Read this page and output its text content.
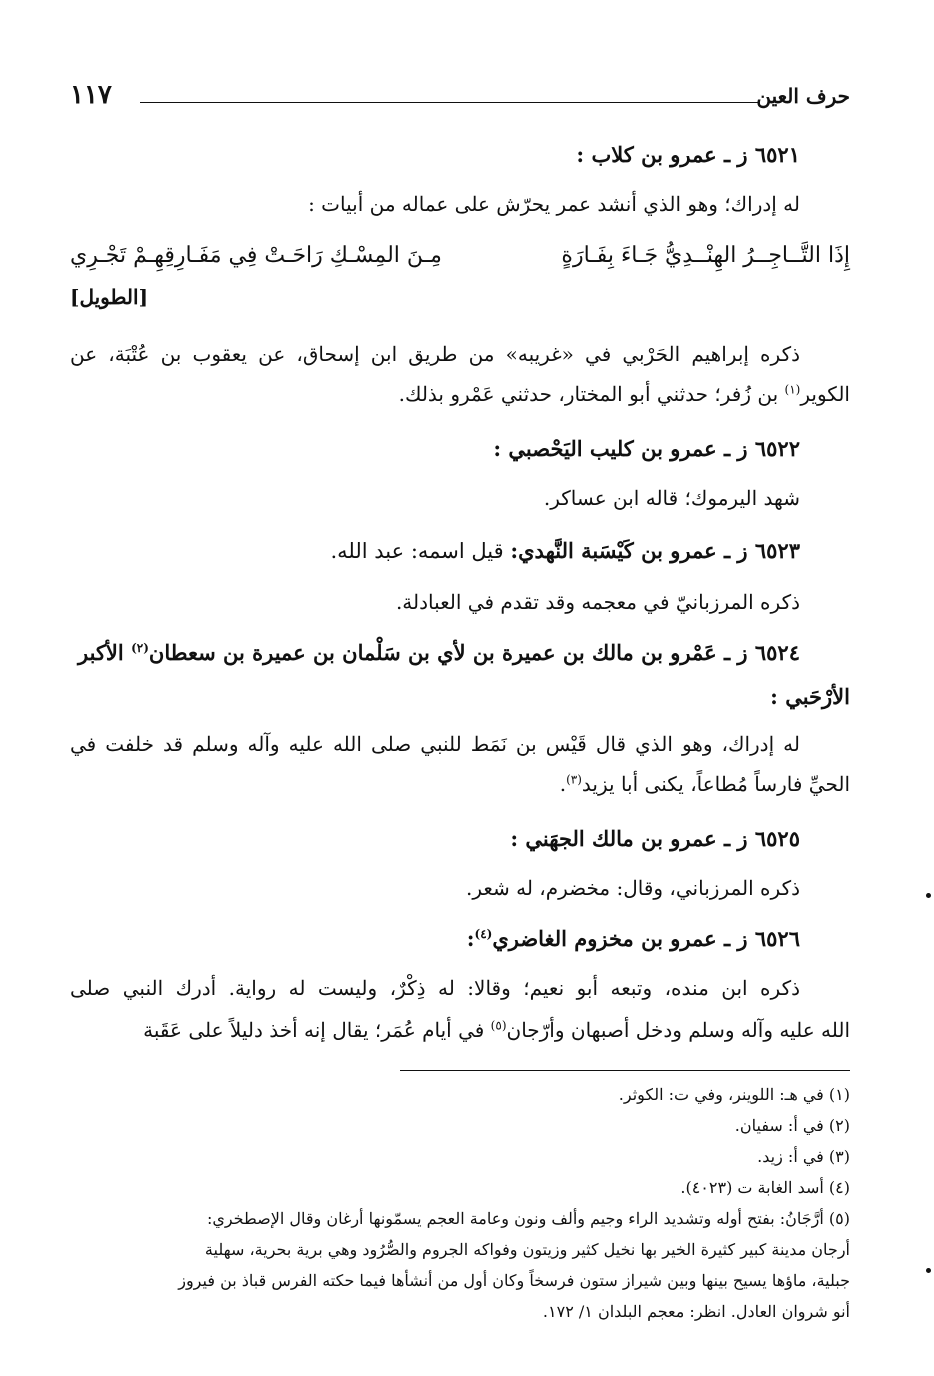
حرف العين
١١٧
٦٥٢١ ز ـ عمرو بن كلاب :
له إدراك؛ وهو الذي أنشد عمر يحرّش على عماله من أبيات :
إِذَا التَّــاجِــرُ الهِنْــدِيُّ جَـاءَ بِفَـارَةٍ
مِـنَ المِسْـكِ رَاحَـتْ فِي مَفَـارِقِهِـمْ تَجْـرِي
[الطويل]
ذكره إبراهيم الحَرْبي في «غريبه» من طريق ابن إسحاق، عن يعقوب بن عُتْبَة، عن
الكوير$^{(١)}$ بن زُفر؛ حدثني أبو المختار، حدثني عَمْرو بذلك.
٦٥٢٢ ز ـ عمرو بن كليب اليَحْصبي :
شهد اليرموك؛ قاله ابن عساكر.
٦٥٢٣ ز ـ عمرو بن كَيْسَبة النَّهدي: قيل اسمه: عبد الله.
ذكره المرزبانيّ في معجمه وقد تقدم في العبادلة.
٦٥٢٤ ز ـ عَمْرو بن مالك بن عميرة بن لأي بن سَلْمان بن عميرة بن سعطان$^{(٢)}$ الأكبر
الأرْحَبي :
له إدراك، وهو الذي قال قَيْس بن نَمَط للنبي صلى الله عليه وآله وسلم قد خلفت في
الحيِّ فارساً مُطاعاً، يكنى أبا يزيد$^{(٣)}$.
٦٥٢٥ ز ـ عمرو بن مالك الجهَني :
ذكره المرزباني، وقال: مخضرم، له شعر.
٦٥٢٦ ز ـ عمرو بن مخزوم الغاضري$^{(٤)}$:
ذكره ابن منده، وتبعه أبو نعيم؛ وقالا: له ذِكْرٌ، وليست له رواية. أدرك النبي صلى
الله عليه وآله وسلم ودخل أصبهان وأرّجان$^{(٥)}$ في أيام عُمَر؛ يقال إنه أخذ دليلاً على عَقَبة
(١) في هـ: اللوينر، وفي ت: الكوثر.
(٢) في أ: سفيان.
(٣) في أ: زيد.
(٤) أسد الغابة ت (٤٠٢٣).
(٥) أرَّجَانُ: بفتح أوله وتشديد الراء وجيم وألف ونون وعامة العجم يسمّونها أرغان وقال الإصطخري:
أرجان مدينة كبير كثيرة الخير بها نخيل كثير وزيتون وفواكه الجروم والصُّرُود وهي برية بحرية، سهلية
جبلية، ماؤها يسيح بينها وبين شيراز ستون فرسخاً وكان أول من أنشأها فيما حكته الفرس قباذ بن فيروز
أنو شروان العادل. انظر: معجم البلدان ١/ ١٧٢.
